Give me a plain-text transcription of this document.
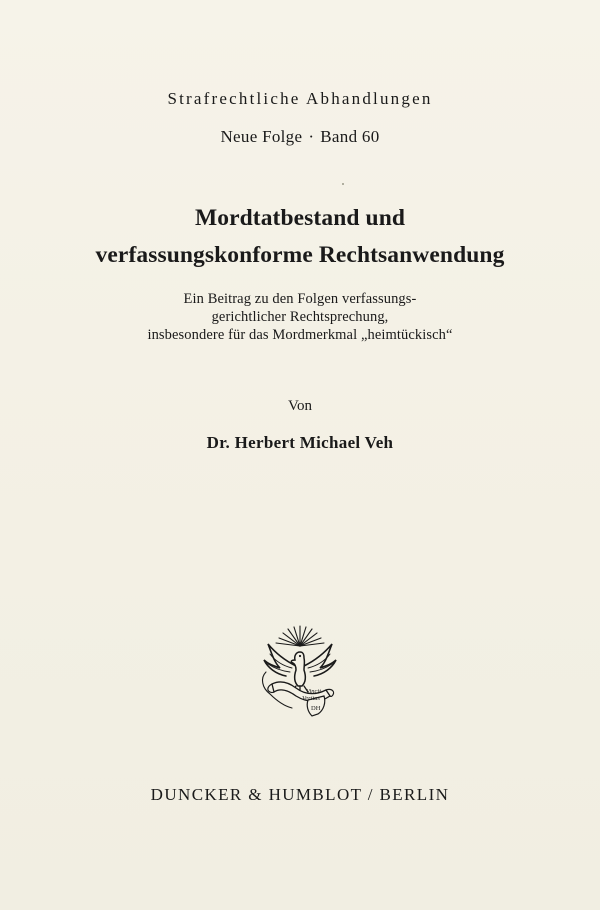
Strafrechtliche Abhandlungen
Neue Folge · Band 60
Mordtatbestand und
verfassungskonforme Rechtsanwendung
Ein Beitrag zu den Folgen verfassungs-
gerichtlicher Rechtsprechung,
insbesondere für das Mordmerkmal „heimtückisch“
Von
Dr. Herbert Michael Veh
Vincit
Veritas
DH
DUNCKER & HUMBLOT / BERLIN
